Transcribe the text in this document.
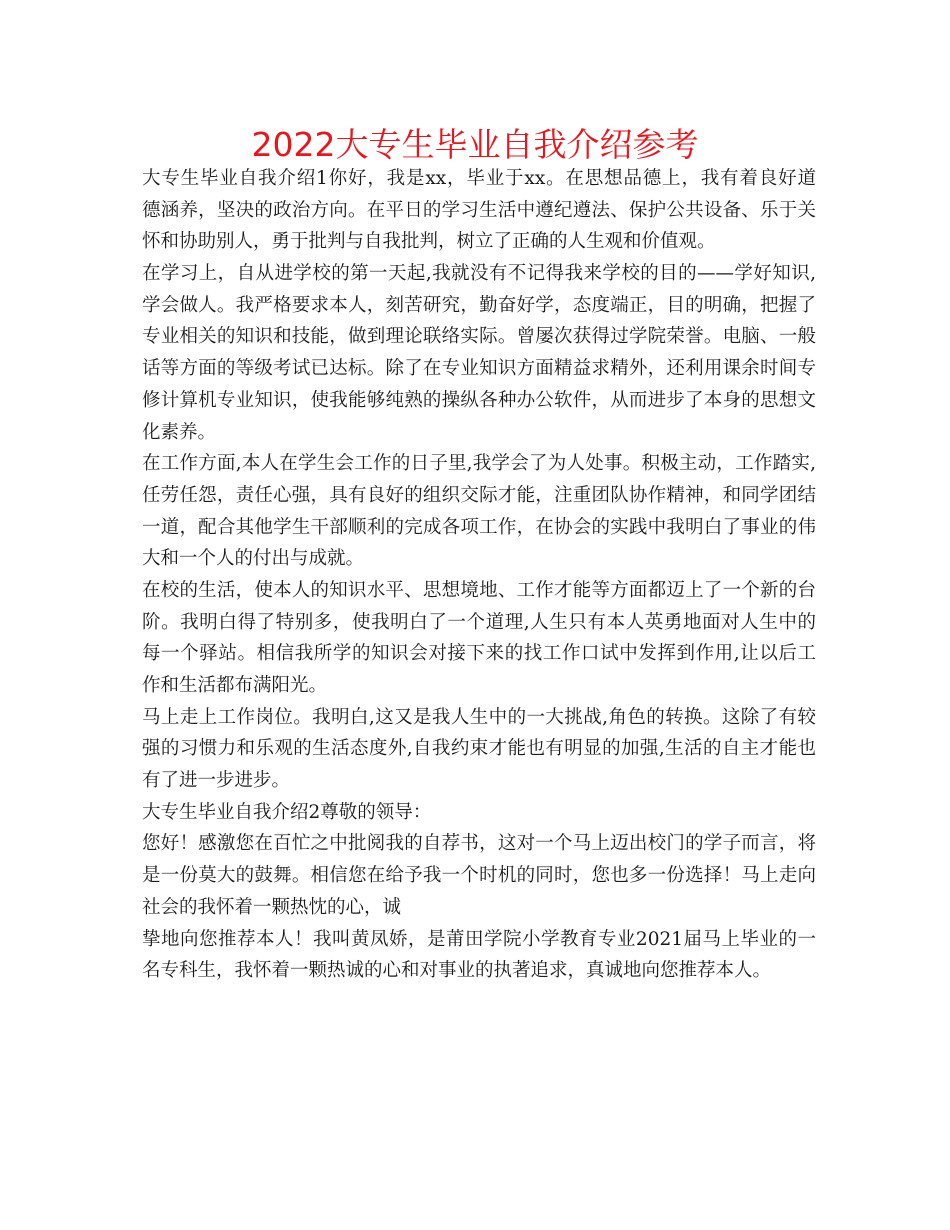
2022大专生毕业自我介绍参考
大专生毕业自我介绍1你好，我是xx，毕业于xx。在思想品德上，我有着良好道
德涵养，坚决的政治方向。在平日的学习生活中遵纪遵法、保护公共设备、乐于关
怀和协助别人，勇于批判与自我批判，树立了正确的人生观和价值观。
在学习上，自从进学校的第一天起,我就没有不记得我来学校的目的——学好知识,
学会做人。我严格要求本人，刻苦研究，勤奋好学，态度端正，目的明确，把握了
专业相关的知识和技能，做到理论联络实际。曾屡次获得过学院荣誉。电脑、一般
话等方面的等级考试已达标。除了在专业知识方面精益求精外，还利用课余时间专
修计算机专业知识，使我能够纯熟的操纵各种办公软件，从而进步了本身的思想文
化素养。
在工作方面,本人在学生会工作的日子里,我学会了为人处事。积极主动，工作踏实,
任劳任怨，责任心强，具有良好的组织交际才能，注重团队协作精神，和同学团结
一道，配合其他学生干部顺利的完成各项工作，在协会的实践中我明白了事业的伟
大和一个人的付出与成就。
在校的生活，使本人的知识水平、思想境地、工作才能等方面都迈上了一个新的台
阶。我明白得了特别多，使我明白了一个道理,人生只有本人英勇地面对人生中的
每一个驿站。相信我所学的知识会对接下来的找工作口试中发挥到作用,让以后工
作和生活都布满阳光。
马上走上工作岗位。我明白,这又是我人生中的一大挑战,角色的转换。这除了有较
强的习惯力和乐观的生活态度外,自我约束才能也有明显的加强,生活的自主才能也
有了进一步进步。
大专生毕业自我介绍2尊敬的领导：
您好！感激您在百忙之中批阅我的自荐书，这对一个马上迈出校门的学子而言，将
是一份莫大的鼓舞。相信您在给予我一个时机的同时，您也多一份选择！马上走向
社会的我怀着一颗热忱的心，诚
挚地向您推荐本人！我叫黄凤娇，是莆田学院小学教育专业2021届马上毕业的一
名专科生，我怀着一颗热诚的心和对事业的执著追求，真诚地向您推荐本人。
